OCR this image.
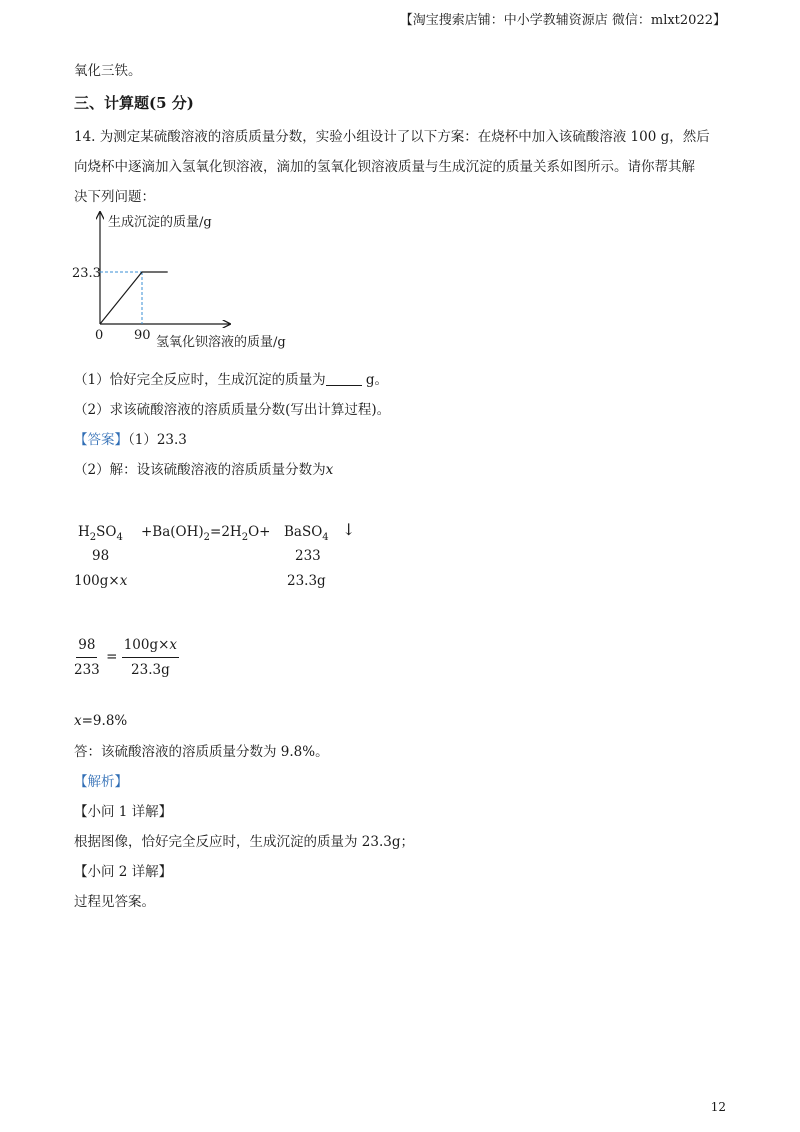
【淘宝搜索店铺：中小学教辅资源店 微信：mlxt2022】
氧化三铁。
三、计算题(5 分)
14. 为测定某硫酸溶液的溶质质量分数，实验小组设计了以下方案：在烧杯中加入该硫酸溶液 100 g，然后
向烧杯中逐滴加入氢氧化钡溶液，滴加的氢氧化钡溶液质量与生成沉淀的质量关系如图所示。请你帮其解
决下列问题：
生成沉淀的质量/g
23.3
0 90 氢氧化钡溶液的质量/g
（1）恰好完全反应时，生成沉淀的质量为	g。
（2）求该硫酸溶液的溶质质量分数(写出计算过程)。
【答案】（1）23.3
（2）解：设该硫酸溶液的溶质质量分数为x
$H_2SO_4 +Ba(OH)_2=2H_2O+$ BaSO$_4$ ↓
98	233
100g×x	23.3g
$\frac{98}{233} = \frac{100g\times x}{23.3g}$
x=9.8%
答：该硫酸溶液的溶质质量分数为 9.8%。
【解析】
【小问 1 详解】
根据图像，恰好完全反应时，生成沉淀的质量为 23.3g；
【小问 2 详解】
过程见答案。
12
